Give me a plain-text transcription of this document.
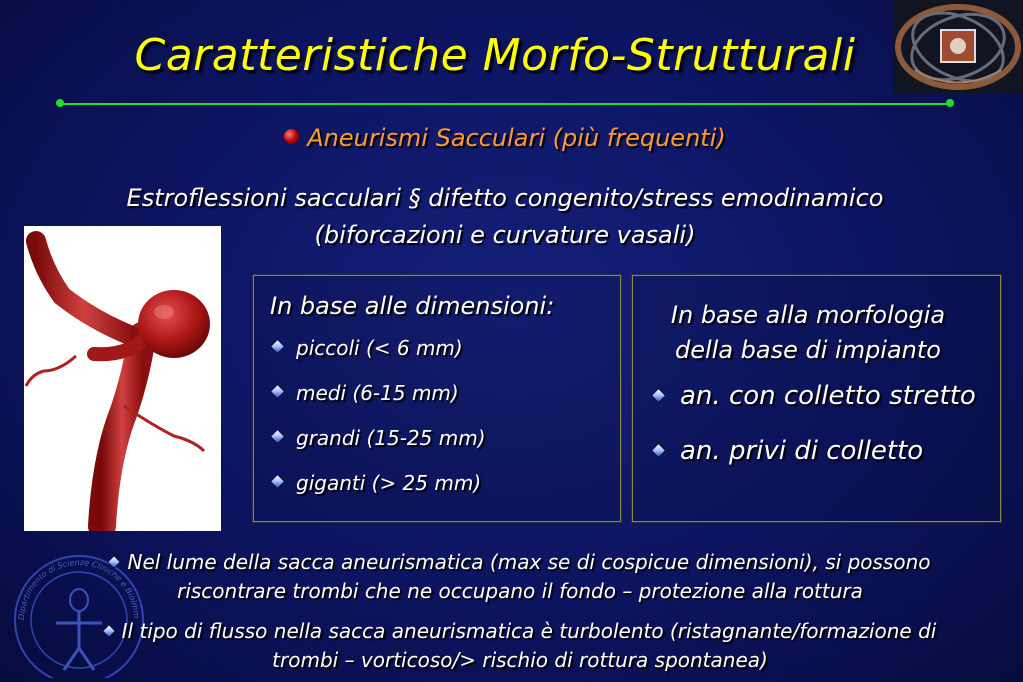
Caratteristiche Morfo-Strutturali
Aneurismi Sacculari (più frequenti)
Estroflessioni sacculari § difetto congenito/stress emodinamico
(biforcazioni e curvature vasali)
In base alle dimensioni:
piccoli (< 6 mm)
medi (6-15 mm)
grandi (15-25 mm)
giganti (> 25 mm)
In base alla morfologia
della base di impianto
an. con colletto stretto
an. privi di colletto
Dipartimento di Scienze Cliniche e Bioimm
Nel lume della sacca aneurismatica (max se di cospicue dimensioni), si possono
riscontrare trombi che ne occupano il fondo – protezione alla rottura
Il tipo di flusso nella sacca aneurismatica è turbolento (ristagnante/formazione di
trombi – vorticoso/> rischio di rottura spontanea)
